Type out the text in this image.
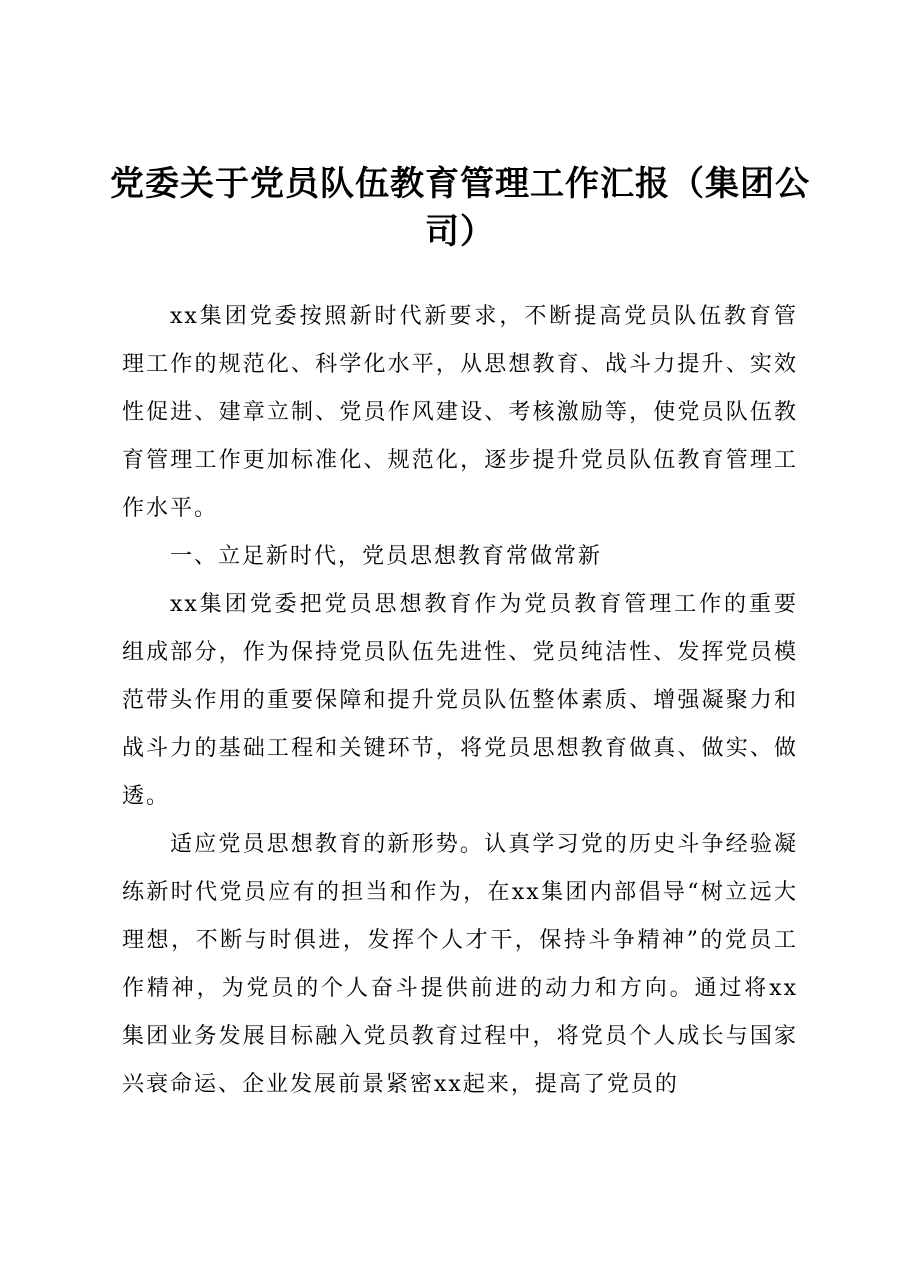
党委关于党员队伍教育管理工作汇报（集团公司）

xx集团党委按照新时代新要求，不断提高党员队伍教育管理工作的规范化、科学化水平，从思想教育、战斗力提升、实效性促进、建章立制、党员作风建设、考核激励等，使党员队伍教育管理工作更加标准化、规范化，逐步提升党员队伍教育管理工作水平。

一、立足新时代，党员思想教育常做常新

xx集团党委把党员思想教育作为党员教育管理工作的重要组成部分，作为保持党员队伍先进性、党员纯洁性、发挥党员模范带头作用的重要保障和提升党员队伍整体素质、增强凝聚力和战斗力的基础工程和关键环节，将党员思想教育做真、做实、做透。

适应党员思想教育的新形势。认真学习党的历史斗争经验凝练新时代党员应有的担当和作为，在xx集团内部倡导“树立远大理想，不断与时俱进，发挥个人才干，保持斗争精神”的党员工作精神，为党员的个人奋斗提供前进的动力和方向。通过将xx集团业务发展目标融入党员教育过程中，将党员个人成长与国家兴衰命运、企业发展前景紧密xx起来，提高了党员的
